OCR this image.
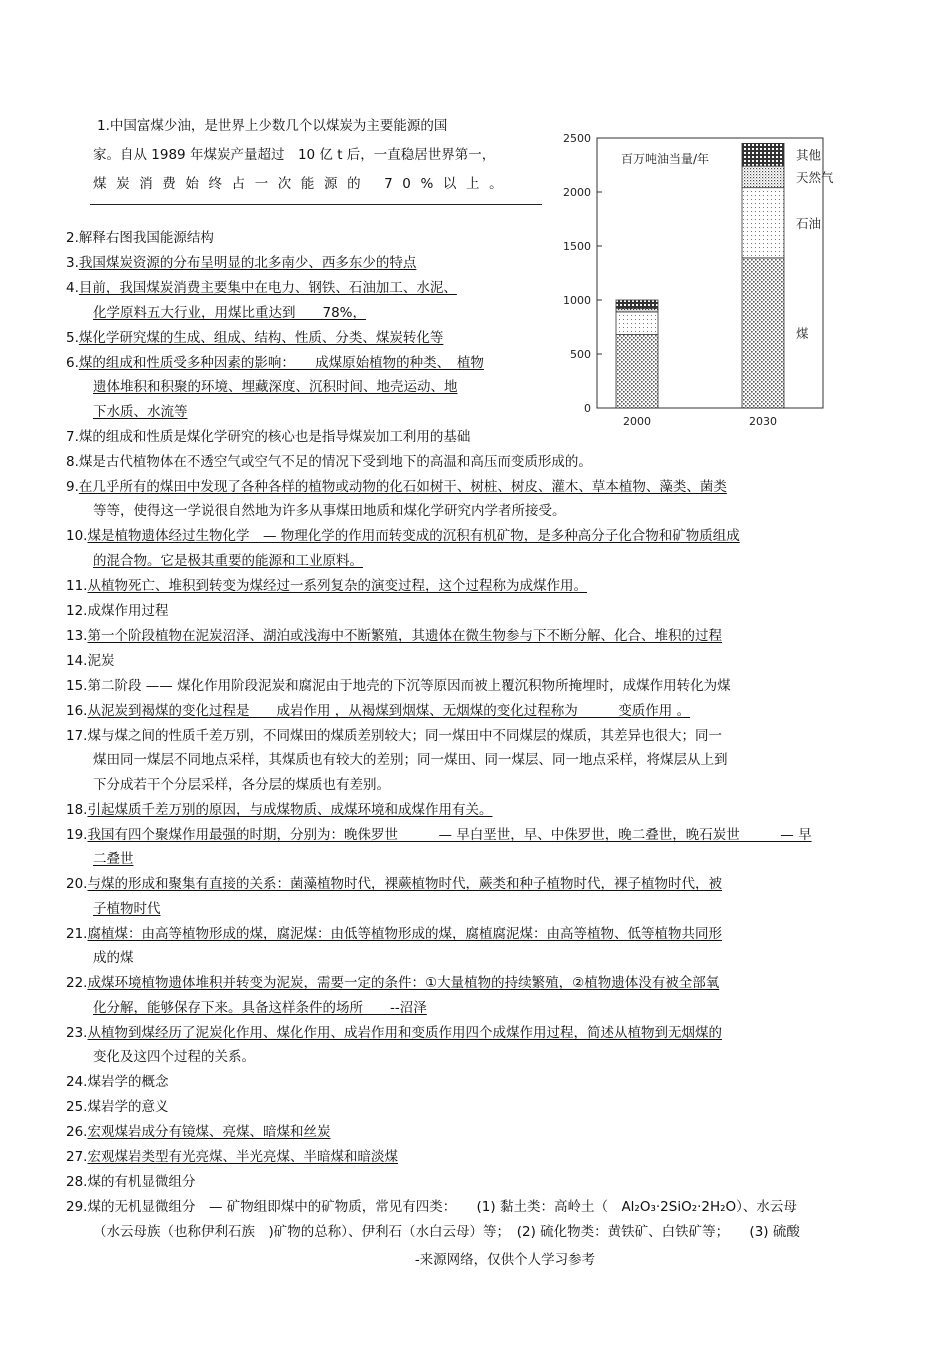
1.中国富煤少油，是世界上少数几个以煤炭为主要能源的国
家。自从 1989 年煤炭产量超过　10 亿 t 后，一直稳居世界第一，
煤炭消费始终占一次能源的 70%以上。
2.解释右图我国能源结构
3.我国煤炭资源的分布呈明显的北多南少、西多东少的特点
4.目前，我国煤炭消费主要集中在电力、钢铁、石油加工、水泥、
化学原料五大行业，用煤比重达到　　78%，
5.煤化学研究煤的生成、组成、结构、性质、分类、煤炭转化等
6.煤的组成和性质受多种因素的影响：　　成煤原始植物的种类、　植物
遗体堆积和积聚的环境、埋藏深度、沉积时间、地壳运动、地
下水质、水流等
7.煤的组成和性质是煤化学研究的核心也是指导煤炭加工利用的基础
8.煤是古代植物体在不透空气或空气不足的情况下受到地下的高温和高压而变质形成的。
9.在几乎所有的煤田中发现了各种各样的植物或动物的化石如树干、树桩、树皮、灌木、草本植物、藻类、菌类
等等，使得这一学说很自然地为许多从事煤田地质和煤化学研究内学者所接受。
10.煤是植物遗体经过生物化学　— 物理化学的作用而转变成的沉积有机矿物，是多种高分子化合物和矿物质组成
的混合物。它是极其重要的能源和工业原料。
11.从植物死亡、堆积到转变为煤经过一系列复杂的演变过程，这个过程称为成煤作用。
12.成煤作用过程
13.第一个阶段植物在泥炭沼泽、湖泊或浅海中不断繁殖，其遗体在微生物参与下不断分解、化合、堆积的过程
14.泥炭
15.第二阶段 —— 煤化作用阶段泥炭和腐泥由于地壳的下沉等原因而被上覆沉积物所掩埋时，成煤作用转化为煤
16.从泥炭到褐煤的变化过程是　　成岩作用 ，从褐煤到烟煤、无烟煤的变化过程称为　　　变质作用 。
17.煤与煤之间的性质千差万别，不同煤田的煤质差别较大；同一煤田中不同煤层的煤质，其差异也很大；同一
煤田同一煤层不同地点采样，其煤质也有较大的差别；同一煤田、同一煤层、同一地点采样，将煤层从上到
下分成若干个分层采样，各分层的煤质也有差别。
18.引起煤质千差万别的原因，与成煤物质、成煤环境和成煤作用有关。
19.我国有四个聚煤作用最强的时期，分别为：晚侏罗世　　　— 早白垩世，早、中侏罗世，晚二叠世，晚石炭世　　　— 早
二叠世
20.与煤的形成和聚集有直接的关系：菌藻植物时代，裸蕨植物时代，蕨类和种子植物时代，裸子植物时代，被
子植物时代
21.腐植煤：由高等植物形成的煤，腐泥煤：由低等植物形成的煤，腐植腐泥煤：由高等植物、低等植物共同形
成的煤
22.成煤环境植物遗体堆积并转变为泥炭，需要一定的条件：①大量植物的持续繁殖，②植物遗体没有被全部氧
化分解，能够保存下来。具备这样条件的场所　　--沼泽
23.从植物到煤经历了泥炭化作用、煤化作用、成岩作用和变质作用四个成煤作用过程，简述从植物到无烟煤的
变化及这四个过程的关系。
24.煤岩学的概念
25.煤岩学的意义
26.宏观煤岩成分有镜煤、亮煤、暗煤和丝炭
27.宏观煤岩类型有光亮煤、半光亮煤、半暗煤和暗淡煤
28.煤的有机显微组分
29.煤的无机显微组分　— 矿物组即煤中的矿物质，常见有四类：　　(1) 黏土类：高岭土（　Al₂O₃·2SiO₂·2H₂O）、水云母
（水云母族（也称伊利石族　)矿物的总称）、伊利石（水白云母）等；　(2) 硫化物类：黄铁矿、白铁矿等；　　(3) 硫酸
0
500
1000
1500
2000
2500
2000	2030
煤
石油
天然气
其他
百万吨油当量/年
-来源网络，仅供个人学习参考
